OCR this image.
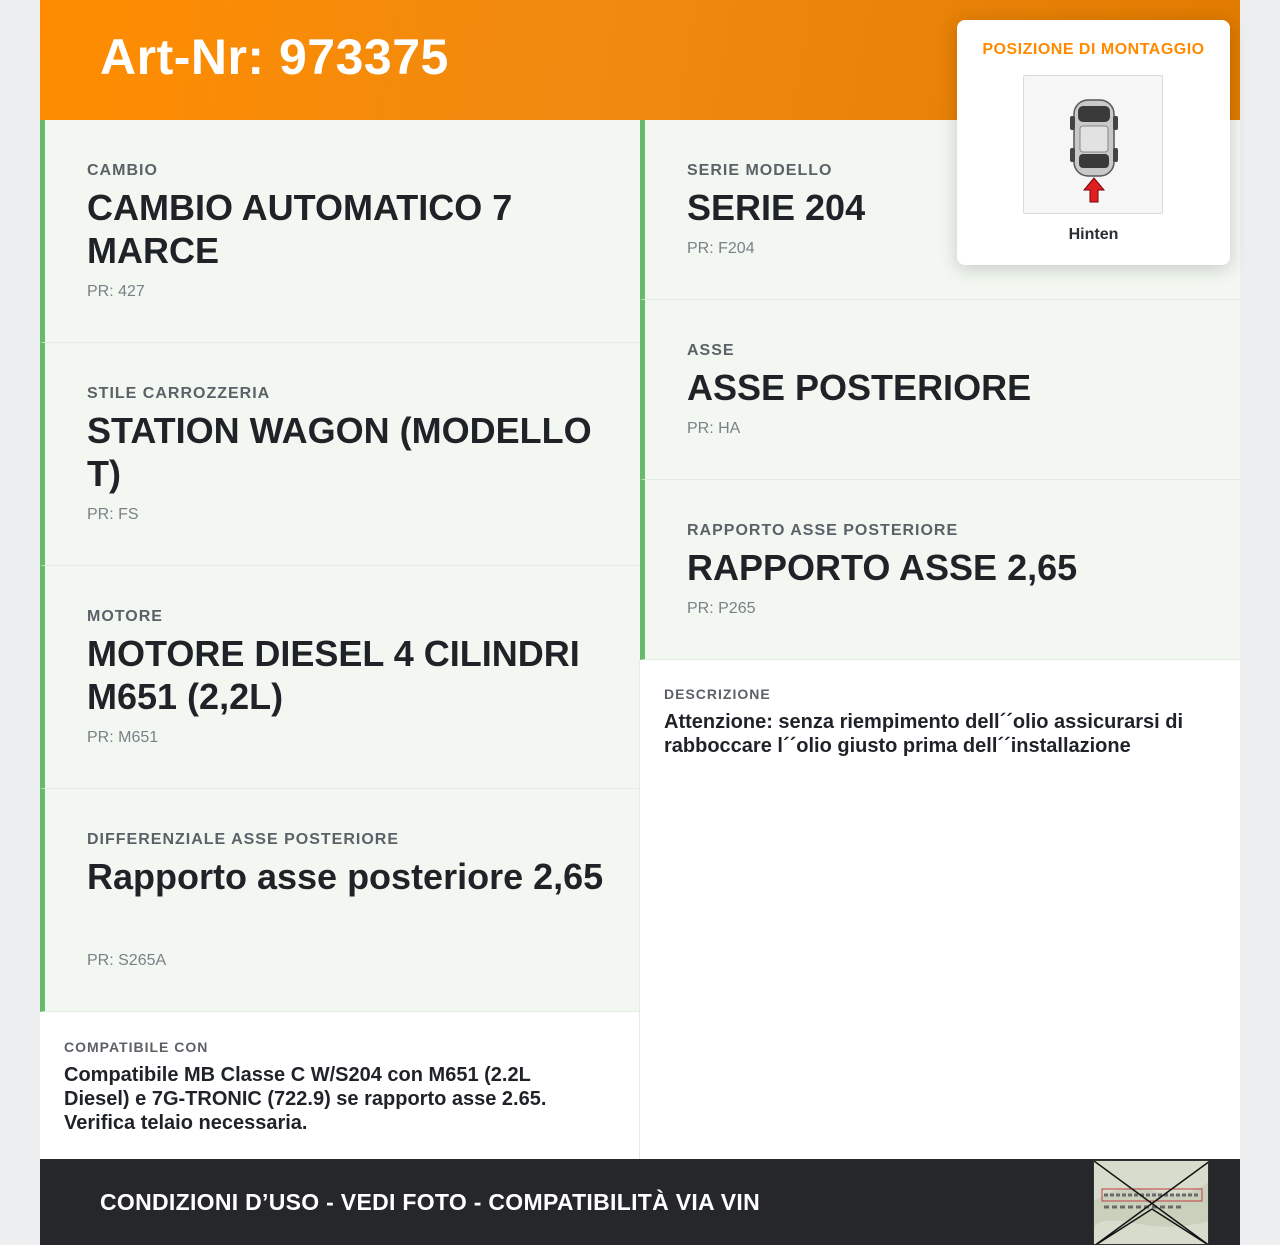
Art-Nr: 973375
CAMBIO
CAMBIO AUTOMATICO 7 MARCE
PR: 427
STILE CARROZZERIA
STATION WAGON (MODELLO T)
PR: FS
MOTORE
MOTORE DIESEL 4 CILINDRI M651 (2,2L)
PR: M651
DIFFERENZIALE ASSE POSTERIORE
Rapporto asse posteriore 2,65
PR: S265A
SERIE MODELLO
SERIE 204
PR: F204
ASSE
ASSE POSTERIORE
PR: HA
RAPPORTO ASSE POSTERIORE
RAPPORTO ASSE 2,65
PR: P265
DESCRIZIONE
Attenzione: senza riempimento dell´´olio assicurarsi di rabboccare l´´olio giusto prima dell´´installazione
COMPATIBILE CON
Compatibile MB Classe C W/S204 con M651 (2.2L Diesel) e 7G-TRONIC (722.9) se rapporto asse 2.65. Verifica telaio necessaria.
POSIZIONE DI MONTAGGIO
Hinten
CONDIZIONI D’USO - VEDI FOTO - COMPATIBILITÀ VIA VIN
